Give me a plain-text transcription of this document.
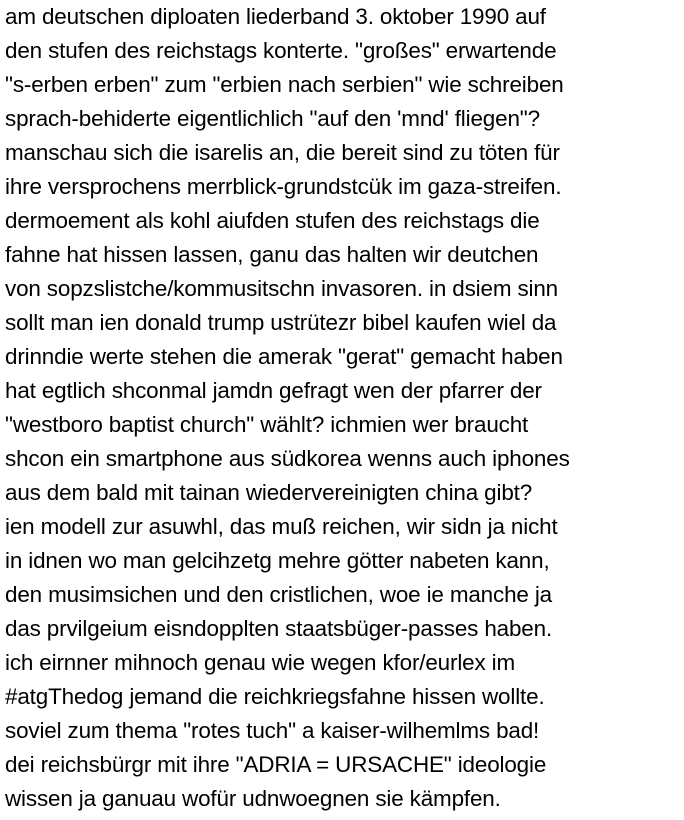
am deutschen diploaten liederband 3. oktober 1990 auf
den stufen des reichstags konterte. "großes" erwartende
"s-erben erben" zum "erbien nach serbien" wie schreiben
sprach-behiderte eigentlichlich "auf den 'mnd' fliegen"?
manschau sich die isarelis an, die bereit sind zu töten für
ihre versprochens merrblick-grundstcük im gaza-streifen.
dermoement als kohl aiufden stufen des reichstags die
fahne hat hissen lassen, ganu das halten wir deutchen
von sopzslistche/kommusitschn invasoren. in dsiem sinn
sollt man ien donald trump ustrütezr bibel kaufen wiel da
drinndie werte stehen die amerak "gerat" gemacht haben
hat egtlich shconmal jamdn gefragt wen der pfarrer der
"westboro baptist church" wählt? ichmien wer braucht
shcon ein smartphone aus südkorea wenns auch iphones
aus dem bald mit tainan wiedervereinigten china gibt?
ien modell zur asuwhl, das muß reichen, wir sidn ja nicht
in idnen wo man gelcihzetg mehre götter nabeten kann,
den musimsichen und den cristlichen, woe ie manche ja
das prvilgeium eisndopplten staatsbüger-passes haben.
ich eirnner mihnoch genau wie wegen kfor/eurlex im
#atgThedog jemand die reichkriegsfahne hissen wollte.
soviel zum thema "rotes tuch" a kaiser-wilhemlms bad!
dei reichsbürgr mit ihre "ADRIA = URSACHE" ideologie
wissen ja ganuau wofür udnwoegnen sie kämpfen.
